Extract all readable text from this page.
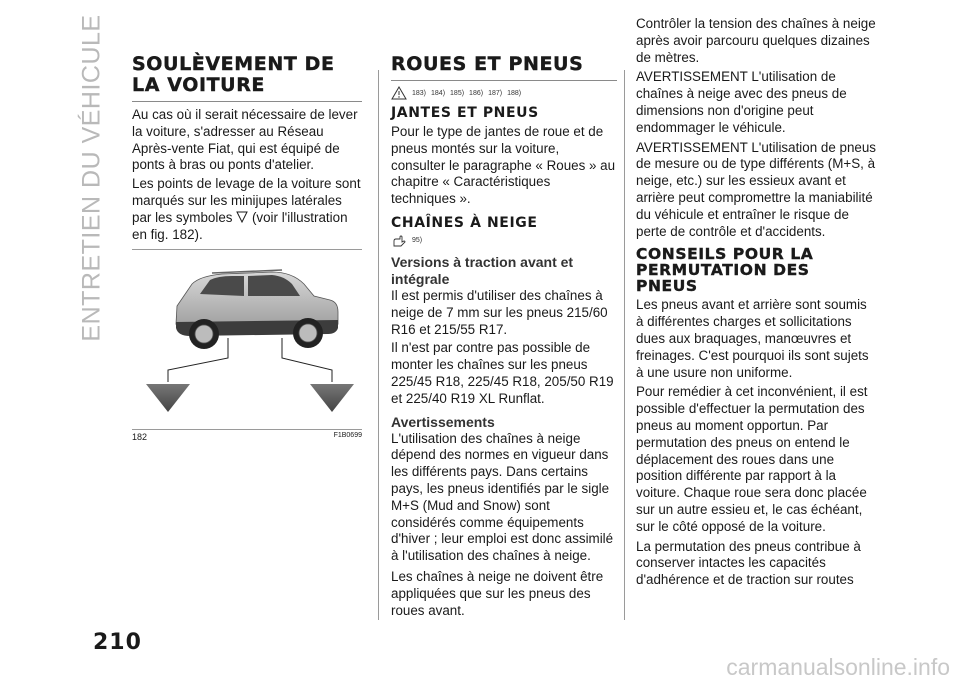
ENTRETIEN DU VÉHICULE SOULÈVEMENT DE LA VOITURE

Au cas où il serait nécessaire de lever la voiture, s'adresser au Réseau Après-vente Fiat, qui est équipé de ponts à bras ou ponts d'atelier.

Les points de levage de la voiture sont marqués sur les minijupes latérales par les symboles (voir l'illustration en fig. 182).

182	F1B0699
ROUES ET PNEUS
183) 184) 185) 186) 187) 188)
JANTES ET PNEUS

Pour le type de jantes de roue et de pneus montés sur la voiture, consulter le paragraphe « Roues » au chapitre « Caractéristiques techniques ».

CHAÎNES À NEIGE
95)
Versions à traction avant et intégrale

Il est permis d'utiliser des chaînes à neige de 7 mm sur les pneus 215/60 R16 et 215/55 R17.

Il n'est par contre pas possible de monter les chaînes sur les pneus 225/45 R18, 225/45 R18, 205/50 R19 et 225/40 R19 XL Runflat.

Avertissements

L'utilisation des chaînes à neige dépend des normes en vigueur dans les différents pays. Dans certains pays, les pneus identifiés par le sigle M+S (Mud and Snow) sont considérés comme équipements d'hiver ; leur emploi est donc assimilé à l'utilisation des chaînes à neige.

Les chaînes à neige ne doivent être appliquées que sur les pneus des roues avant.

Contrôler la tension des chaînes à neige après avoir parcouru quelques dizaines de mètres.

AVERTISSEMENT L'utilisation de chaînes à neige avec des pneus de dimensions non d'origine peut endommager le véhicule.

AVERTISSEMENT L'utilisation de pneus de mesure ou de type différents (M+S, à neige, etc.) sur les essieux avant et arrière peut compromettre la maniabilité du véhicule et entraîner le risque de perte de contrôle et d'accidents.

CONSEILS POUR LA PERMUTATION DES PNEUS

Les pneus avant et arrière sont soumis à différentes charges et sollicitations dues aux braquages, manœuvres et freinages. C'est pourquoi ils sont sujets à une usure non uniforme.

Pour remédier à cet inconvénient, il est possible d'effectuer la permutation des pneus au moment opportun. Par permutation des pneus on entend le déplacement des roues dans une position différente par rapport à la voiture. Chaque roue sera donc placée sur un autre essieu et, le cas échéant, sur le côté opposé de la voiture.

La permutation des pneus contribue à conserver intactes les capacités d'adhérence et de traction sur routes

210
carmanualsonline.info
